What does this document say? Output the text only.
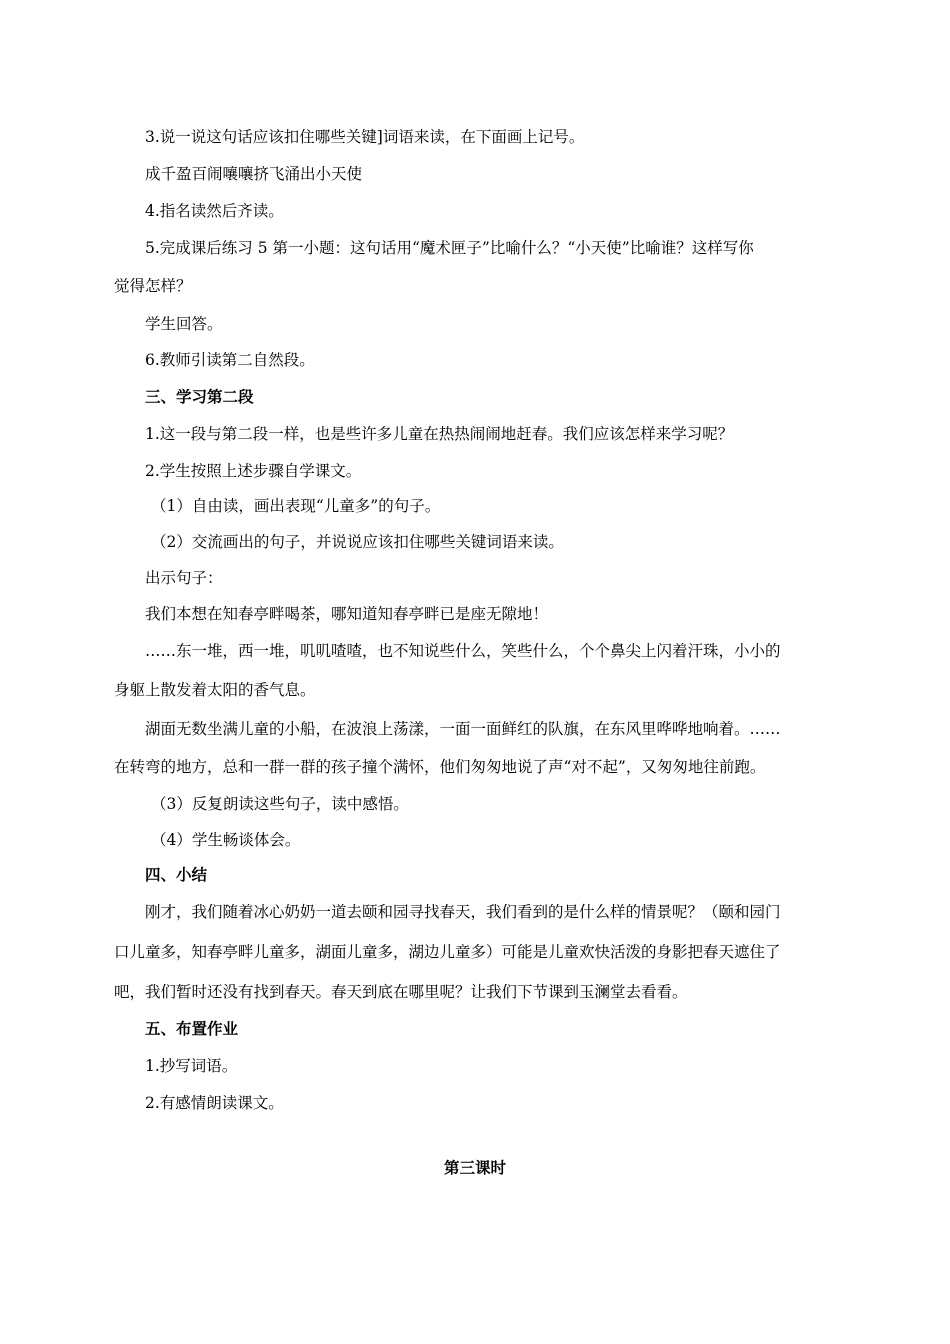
3.说一说这句话应该扣住哪些关键]词语来读，在下面画上记号。
成千盈百闹嚷嚷挤飞涌出小天使
4.指名读然后齐读。
5.完成课后练习 5 第一小题：这句话用“魔术匣子”比喻什么？“小天使”比喻谁？这样写你
觉得怎样？
学生回答。
6.教师引读第二自然段。
三、学习第二段
1.这一段与第二段一样，也是些许多儿童在热热闹闹地赶春。我们应该怎样来学习呢？
2.学生按照上述步骤自学课文。
（1）自由读，画出表现“儿童多”的句子。
（2）交流画出的句子，并说说应该扣住哪些关键词语来读。
出示句子：
我们本想在知春亭畔喝茶，哪知道知春亭畔已是座无隙地！
……东一堆，西一堆，叽叽喳喳，也不知说些什么，笑些什么，个个鼻尖上闪着汗珠，小小的
身躯上散发着太阳的香气息。
湖面无数坐满儿童的小船，在波浪上荡漾，一面一面鲜红的队旗，在东风里哗哗地响着。……
在转弯的地方，总和一群一群的孩子撞个满怀，他们匆匆地说了声“对不起”，又匆匆地往前跑。
（3）反复朗读这些句子，读中感悟。
（4）学生畅谈体会。
四、小结
刚才，我们随着冰心奶奶一道去颐和园寻找春天，我们看到的是什么样的情景呢？（颐和园门
口儿童多，知春亭畔儿童多，湖面儿童多，湖边儿童多）可能是儿童欢快活泼的身影把春天遮住了
吧，我们暂时还没有找到春天。春天到底在哪里呢？让我们下节课到玉澜堂去看看。
五、布置作业
1.抄写词语。
2.有感情朗读课文。
第三课时
